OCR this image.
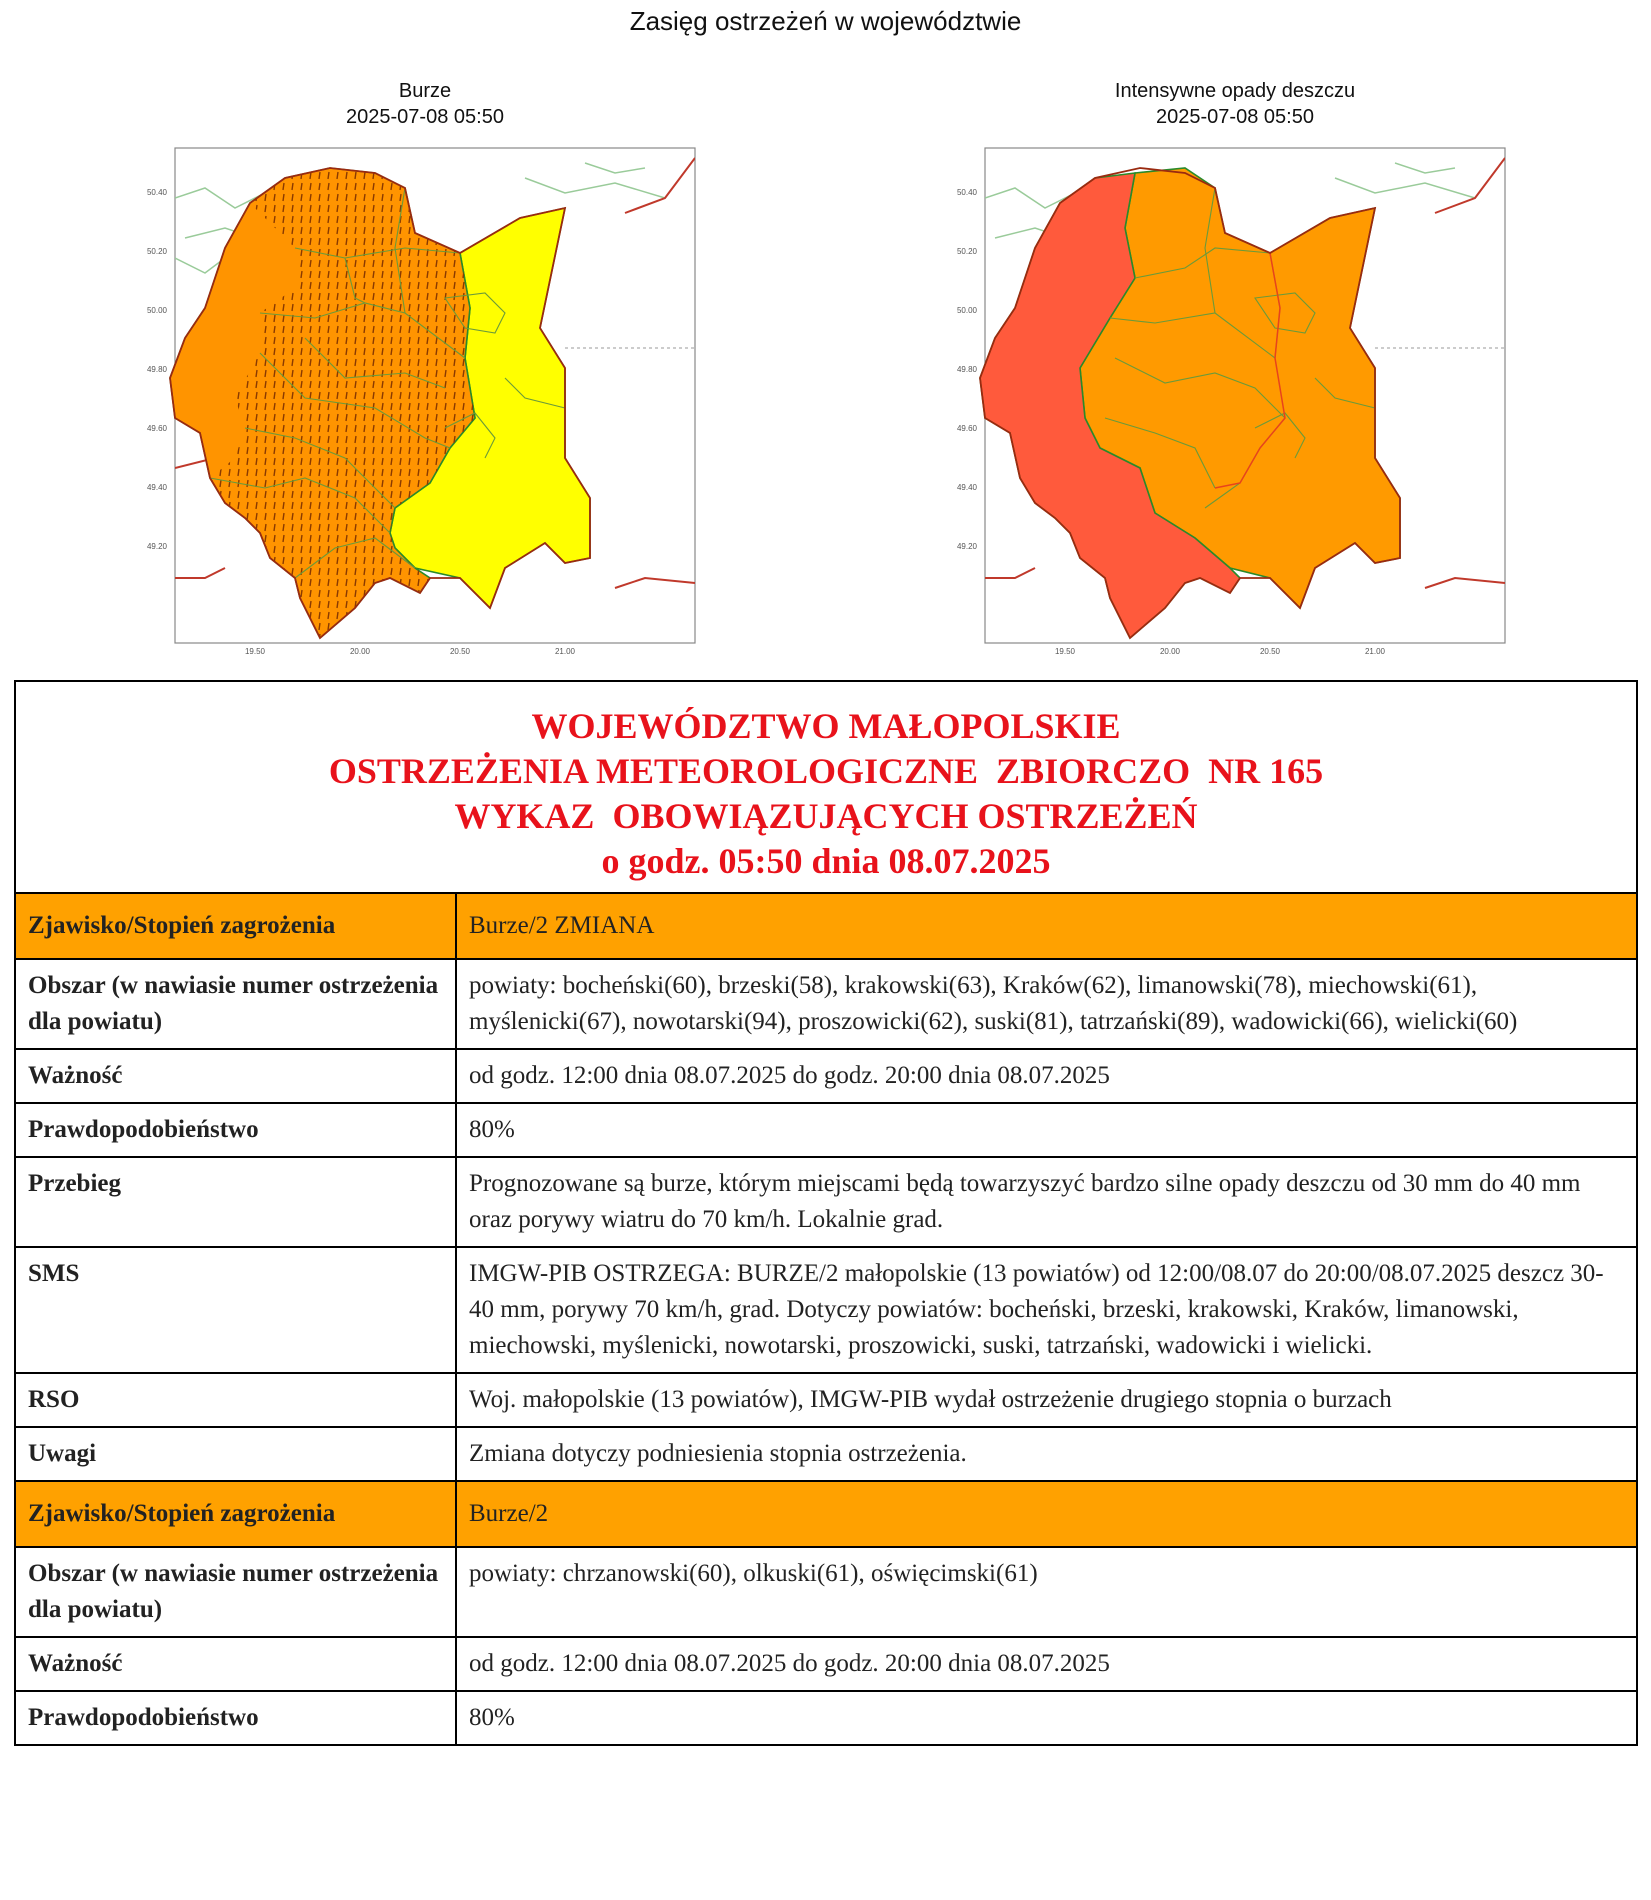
Zasięg ostrzeżeń w województwie
Burze
2025-07-08 05:50
50.40
50.20
50.00
49.80
49.60
49.40
49.20
19.50	20.00	20.50	21.00
Intensywne opady deszczu
2025-07-08 05:50
50.40
50.20
50.00
49.80
49.60
49.40
49.20
19.50	20.00	20.50	21.00
WOJEWÓDZTWO MAŁOPOLSKIE
OSTRZEŻENIA METEOROLOGICZNE  ZBIORCZO  NR 165
WYKAZ  OBOWIĄZUJĄCYCH OSTRZEŻEŃ
o godz. 05:50 dnia 08.07.2025
Zjawisko/Stopień zagrożenia	Burze/2 ZMIANA
Obszar (w nawiasie numer ostrzeżenia dla powiatu)	powiaty: bocheński(60), brzeski(58), krakowski(63), Kraków(62), limanowski(78), miechowski(61), myślenicki(67), nowotarski(94), proszowicki(62), suski(81), tatrzański(89), wadowicki(66), wielicki(60)
Ważność	od godz. 12:00 dnia 08.07.2025 do godz. 20:00 dnia 08.07.2025
Prawdopodobieństwo	80%
Przebieg	Prognozowane są burze, którym miejscami będą towarzyszyć bardzo silne opady deszczu od 30 mm do 40 mm oraz porywy wiatru do 70 km/h. Lokalnie grad.
SMS	IMGW-PIB OSTRZEGA: BURZE/2 małopolskie (13 powiatów) od 12:00/08.07 do 20:00/08.07.2025 deszcz 30-40 mm, porywy 70 km/h, grad. Dotyczy powiatów: bocheński, brzeski, krakowski, Kraków, limanowski, miechowski, myślenicki, nowotarski, proszowicki, suski, tatrzański, wadowicki i wielicki.
RSO	Woj. małopolskie (13 powiatów), IMGW-PIB wydał ostrzeżenie drugiego stopnia o burzach
Uwagi	Zmiana dotyczy podniesienia stopnia ostrzeżenia.
Zjawisko/Stopień zagrożenia	Burze/2
Obszar (w nawiasie numer ostrzeżenia dla powiatu)	powiaty: chrzanowski(60), olkuski(61), oświęcimski(61)
Ważność	od godz. 12:00 dnia 08.07.2025 do godz. 20:00 dnia 08.07.2025
Prawdopodobieństwo	80%
